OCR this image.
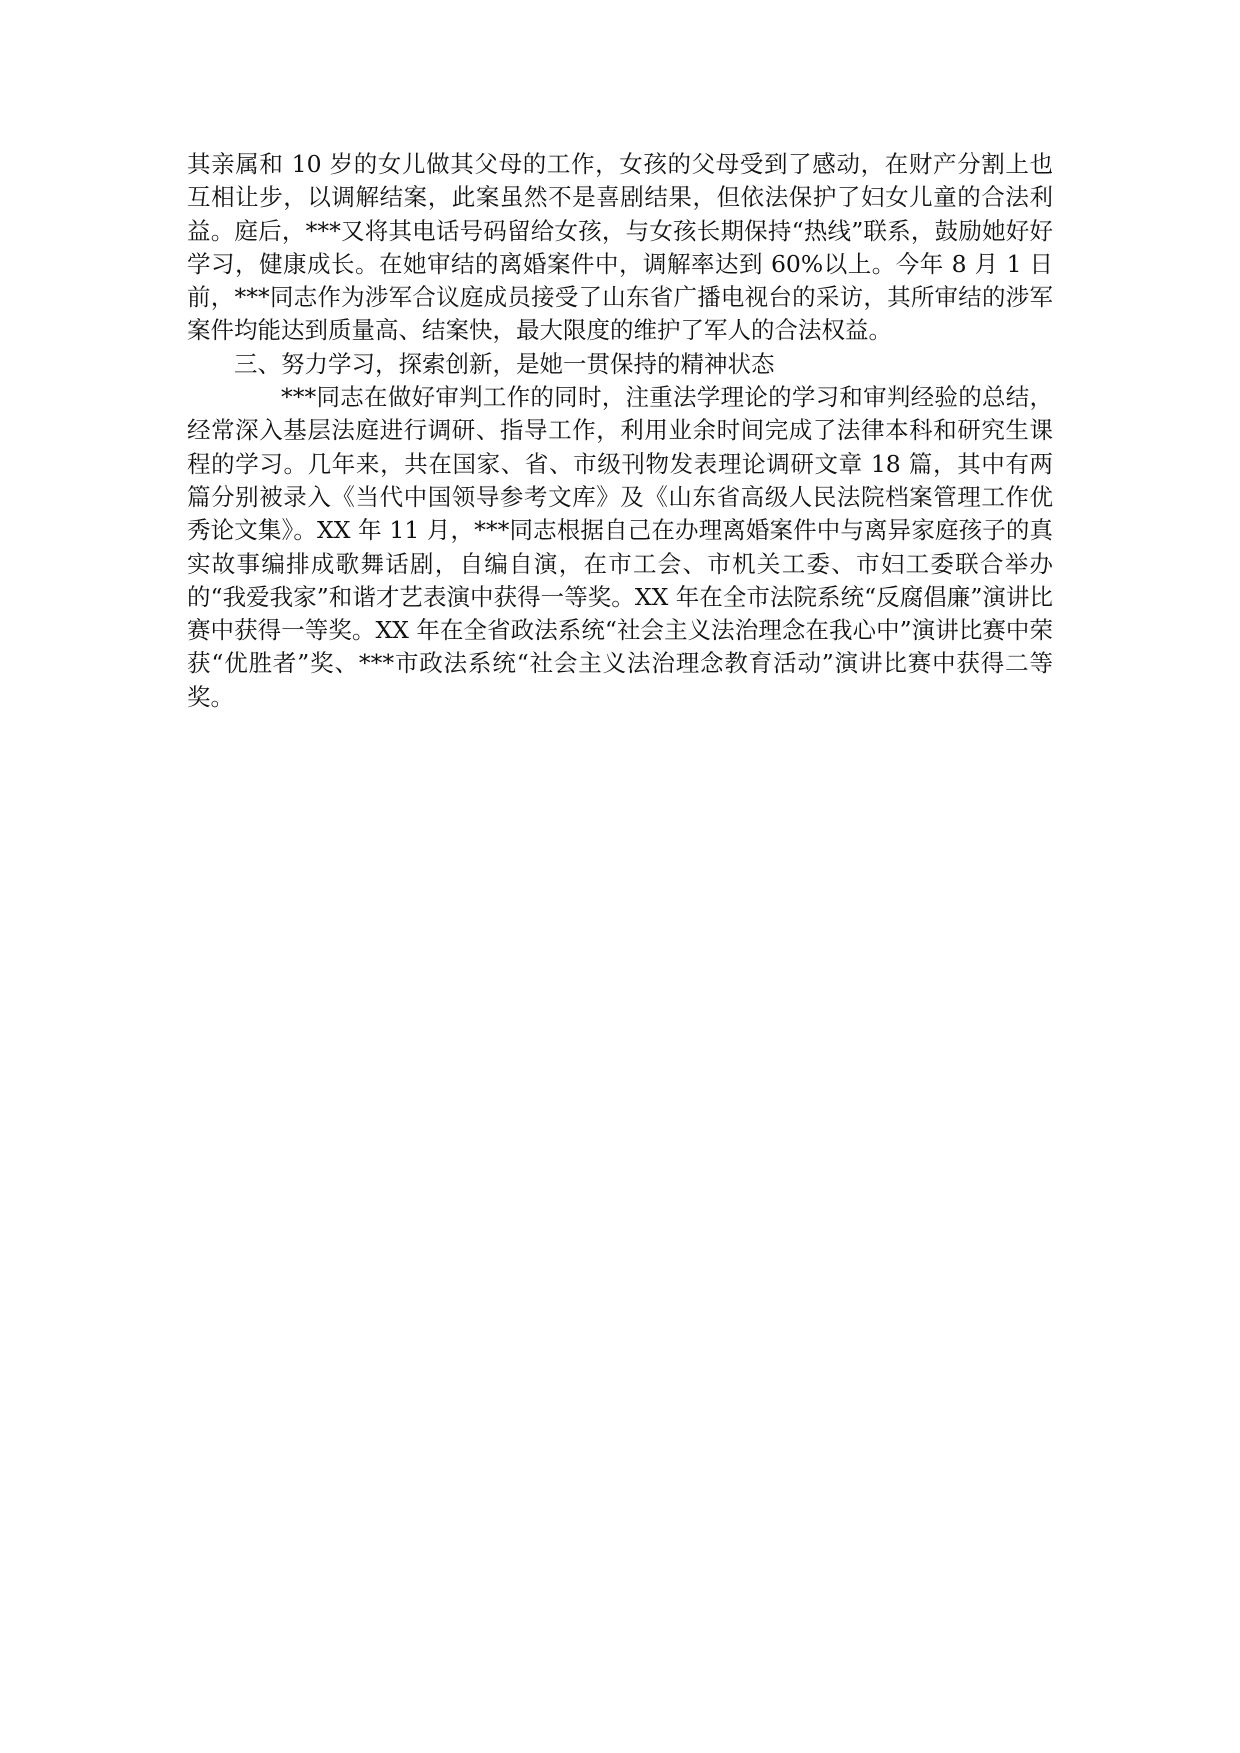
其亲属和 10 岁的女儿做其父母的工作，女孩的父母受到了感动，在财产分割上也互相让步，以调解结案，此案虽然不是喜剧结果，但依法保护了妇女儿童的合法利益。庭后，***又将其电话号码留给女孩，与女孩长期保持“热线”联系，鼓励她好好学习，健康成长。在她审结的离婚案件中，调解率达到 60%以上。今年 8 月 1 日前，***同志作为涉军合议庭成员接受了山东省广播电视台的采访，其所审结的涉军案件均能达到质量高、结案快，最大限度的维护了军人的合法权益。

三、努力学习，探索创新，是她一贯保持的精神状态

***同志在做好审判工作的同时，注重法学理论的学习和审判经验的总结，经常深入基层法庭进行调研、指导工作，利用业余时间完成了法律本科和研究生课程的学习。几年来，共在国家、省、市级刊物发表理论调研文章 18 篇，其中有两篇分别被录入《当代中国领导参考文库》及《山东省高级人民法院档案管理工作优秀论文集》。XX 年 11 月，***同志根据自己在办理离婚案件中与离异家庭孩子的真实故事编排成歌舞话剧，自编自演，在市工会、市机关工委、市妇工委联合举办的“我爱我家”和谐才艺表演中获得一等奖。XX 年在全市法院系统“反腐倡廉”演讲比赛中获得一等奖。XX 年在全省政法系统“社会主义法治理念在我心中”演讲比赛中荣获“优胜者”奖、***市政法系统“社会主义法治理念教育活动”演讲比赛中获得二等奖。
